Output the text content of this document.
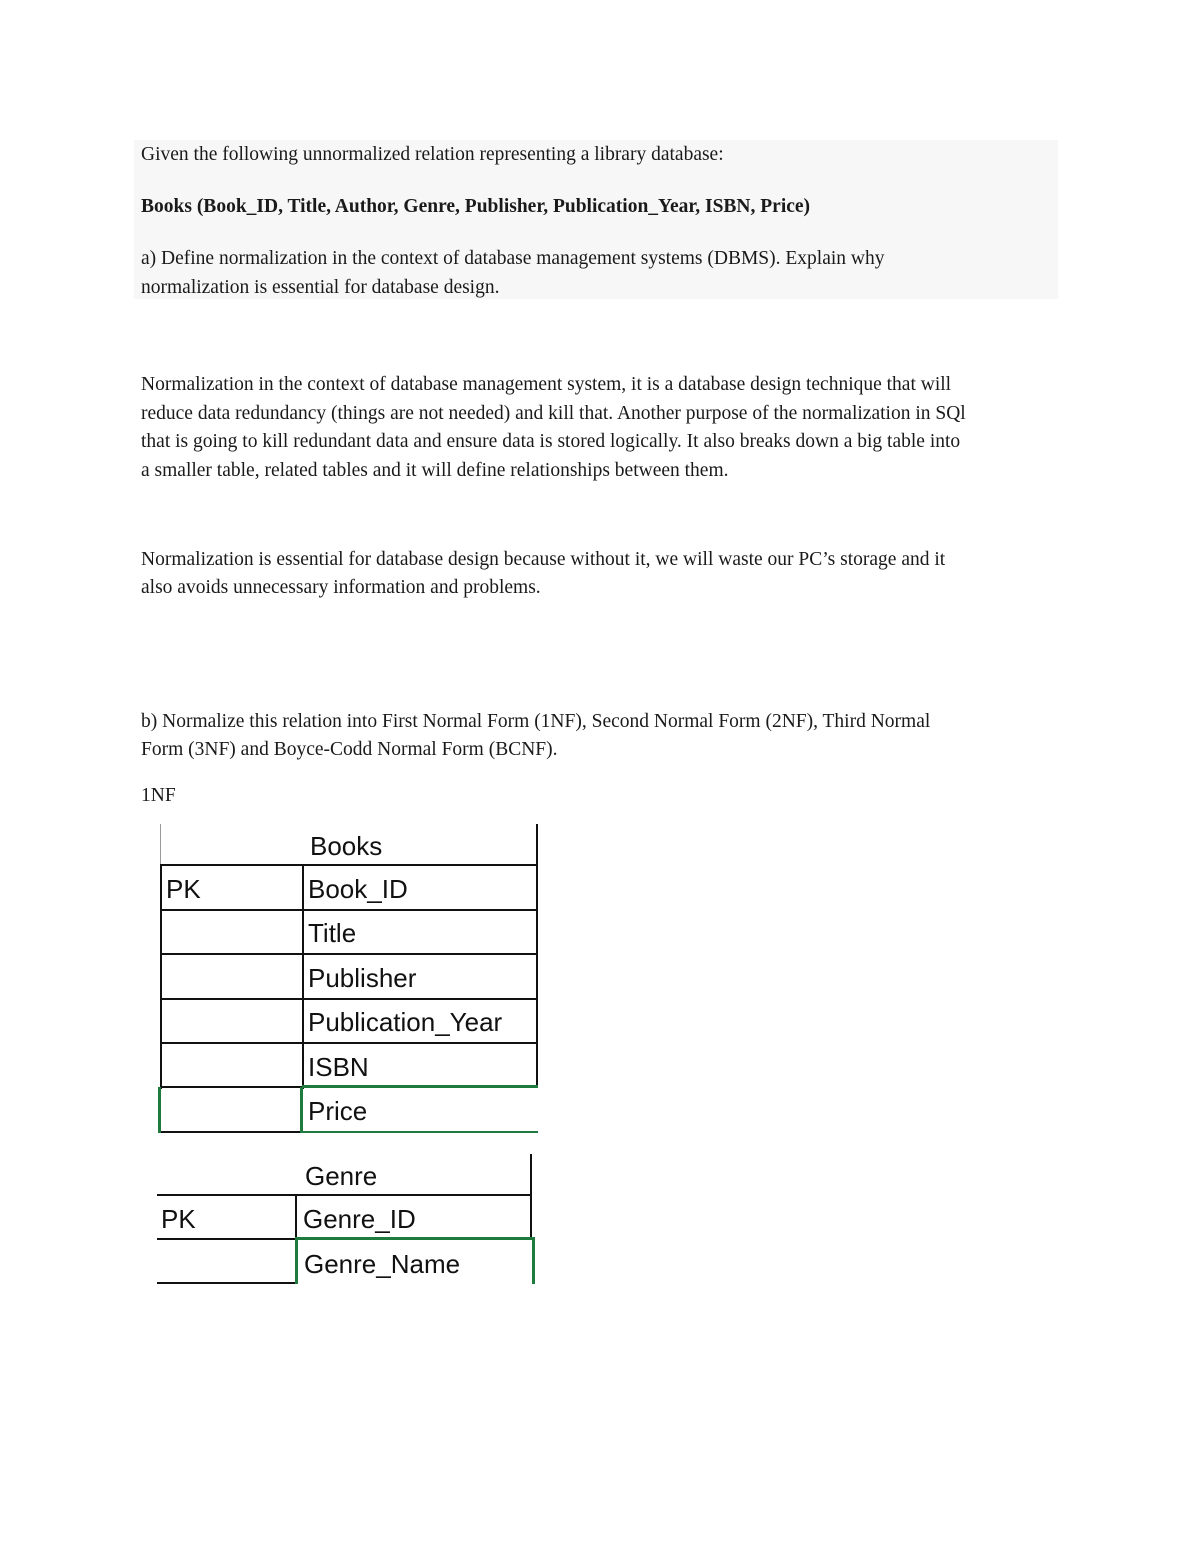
Given the following unnormalized relation representing a library database:
Books (Book_ID, Title, Author, Genre, Publisher, Publication_Year, ISBN, Price)
a) Define normalization in the context of database management systems (DBMS). Explain why
normalization is essential for database design.
Normalization in the context of database management system, it is a database design technique that will
reduce data redundancy (things are not needed) and kill that. Another purpose of the normalization in SQl
that is going to kill redundant data and ensure data is stored logically. It also breaks down a big table into
a smaller table, related tables and it will define relationships between them.
Normalization is essential for database design because without it, we will waste our PC’s storage and it
also avoids unnecessary information and problems.
b) Normalize this relation into First Normal Form (1NF), Second Normal Form (2NF), Third Normal
Form (3NF) and Boyce-Codd Normal Form (BCNF).
1NF
Books
PK	Book_ID
Title
Publisher
Publication_Year
ISBN
Price
Genre
PK	Genre_ID
Genre_Name
